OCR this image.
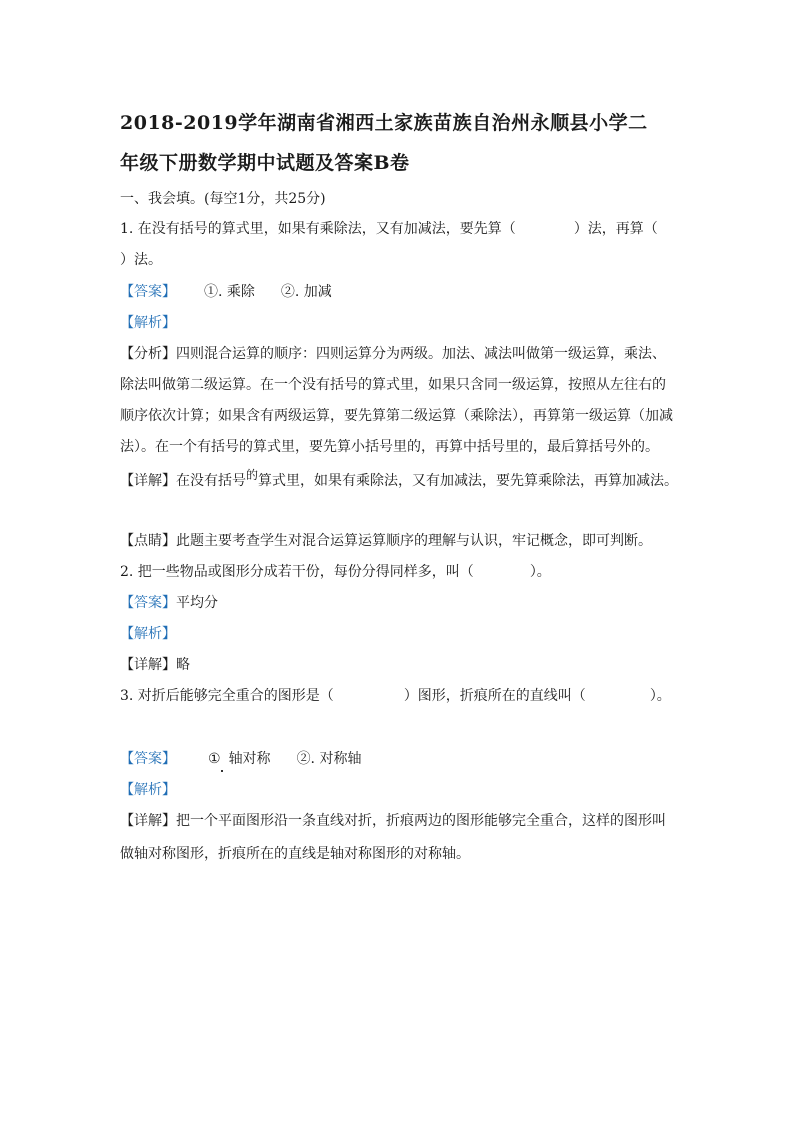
2018-2019学年湖南省湘西土家族苗族自治州永顺县小学二
年级下册数学期中试题及答案B卷
一、我会填。(每空1分，共25分)
1. 在没有括号的算式里，如果有乘除法，又有加减法，要先算（	）法，再算（
）法。
【答案】 ①. 乘除 ②. 加减
【解析】
【分析】四则混合运算的顺序：四则运算分为两级。加法、减法叫做第一级运算，乘法、
除法叫做第二级运算。在一个没有括号的算式里，如果只含同一级运算，按照从左往右的
顺序依次计算；如果含有两级运算，要先算第二级运算（乘除法），再算第一级运算（加减
法）。在一个有括号的算式里，要先算小括号里的，再算中括号里的，最后算括号外的。
【详解】在没有括号的算式里，如果有乘除法，又有加减法，要先算乘除法，再算加减法。
【点睛】此题主要考查学生对混合运算运算顺序的理解与认识，牢记概念，即可判断。
2. 把一些物品或图形分成若干份，每份分得同样多，叫（	）。
【答案】平均分
【解析】
【详解】略
3. 对折后能够完全重合的图形是（	）图形，折痕所在的直线叫（	）。
【答案】 ① 轴对称 ②. 对称轴
【解析】
【详解】把一个平面图形沿一条直线对折，折痕两边的图形能够完全重合，这样的图形叫
做轴对称图形，折痕所在的直线是轴对称图形的对称轴。
